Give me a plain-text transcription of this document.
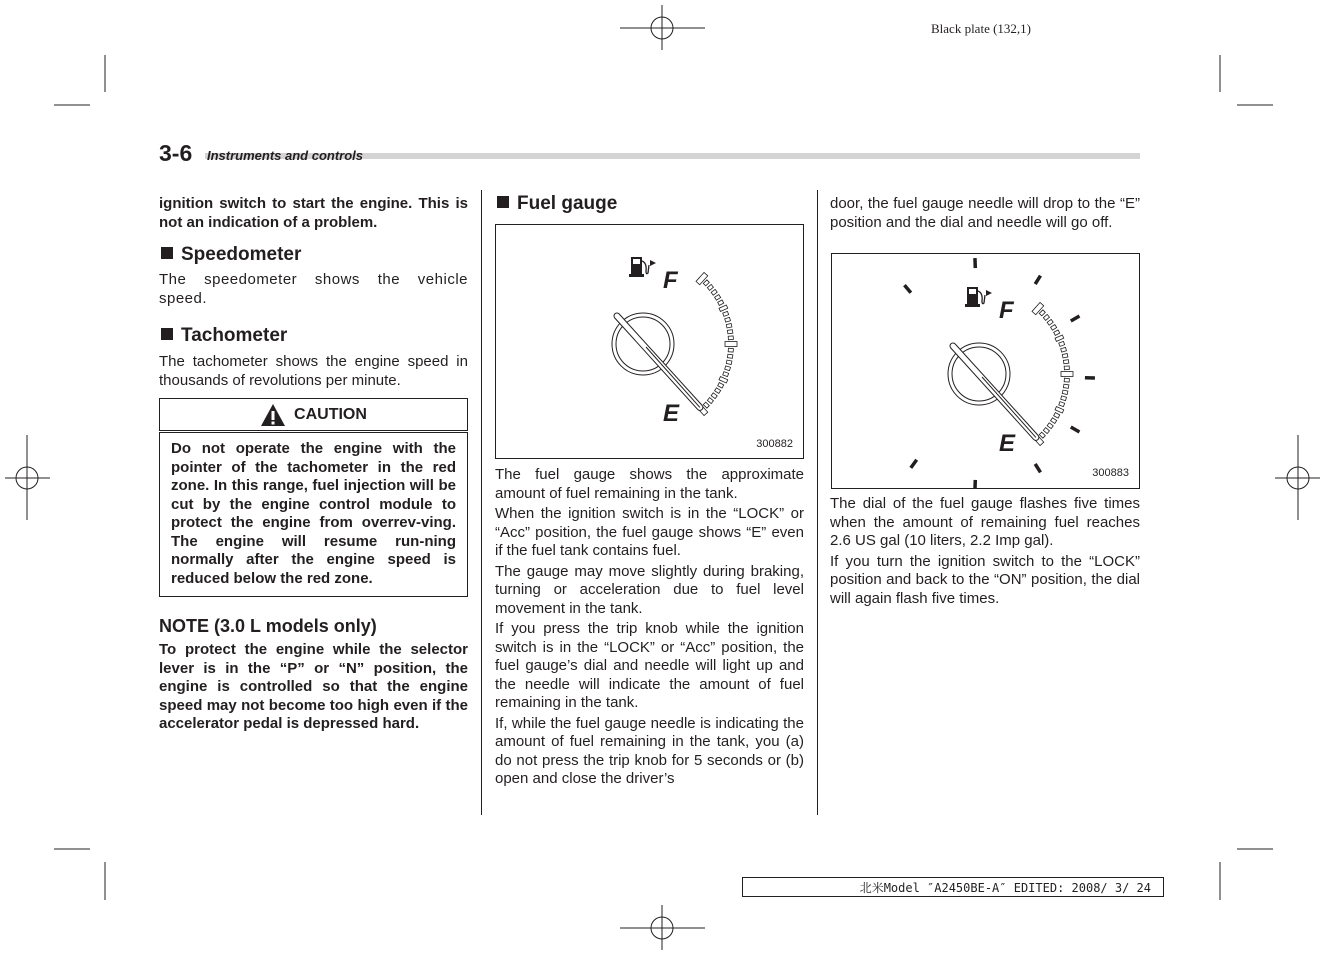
Black plate (132,1)
3-6 Instruments and controls
ignition switch to start the engine. This is not an indication of a problem.
Speedometer
The speedometer shows the vehicle speed.
Tachometer
The tachometer shows the engine speed in thousands of revolutions per minute.
CAUTION
Do not operate the engine with the pointer of the tachometer in the red zone. In this range, fuel injection will be cut by the engine control module to protect the engine from overrev-ving. The engine will resume run-ning normally after the engine speed is reduced below the red zone.
NOTE (3.0 L models only)
To protect the engine while the selector lever is in the “P” or “N” position, the engine is controlled so that the engine speed may not become too high even if the accelerator pedal is depressed hard.
Fuel gauge
E
F
300882

The fuel gauge shows the approximate amount of fuel remaining in the tank.

When the ignition switch is in the “LOCK” or “Acc” position, the fuel gauge shows “E” even if the fuel tank contains fuel.

The gauge may move slightly during braking, turning or acceleration due to fuel level movement in the tank.

If you press the trip knob while the ignition switch is in the “LOCK” or “Acc” position, the fuel gauge’s dial and needle will light up and the needle will indicate the amount of fuel remaining in the tank.

If, while the fuel gauge needle is indicating the amount of fuel remaining in the tank, you (a) do not press the trip knob for 5 seconds or (b) open and close the driver’s

door, the fuel gauge needle will drop to the “E” position and the dial and needle will go off.
E
F
300883

The dial of the fuel gauge flashes five times when the amount of remaining fuel reaches 2.6 US gal (10 liters, 2.2 Imp gal).

If you turn the ignition switch to the “LOCK” position and back to the “ON” position, the dial will again flash five times.

北米Model ″A2450BE-A″ EDITED: 2008/ 3/ 24
